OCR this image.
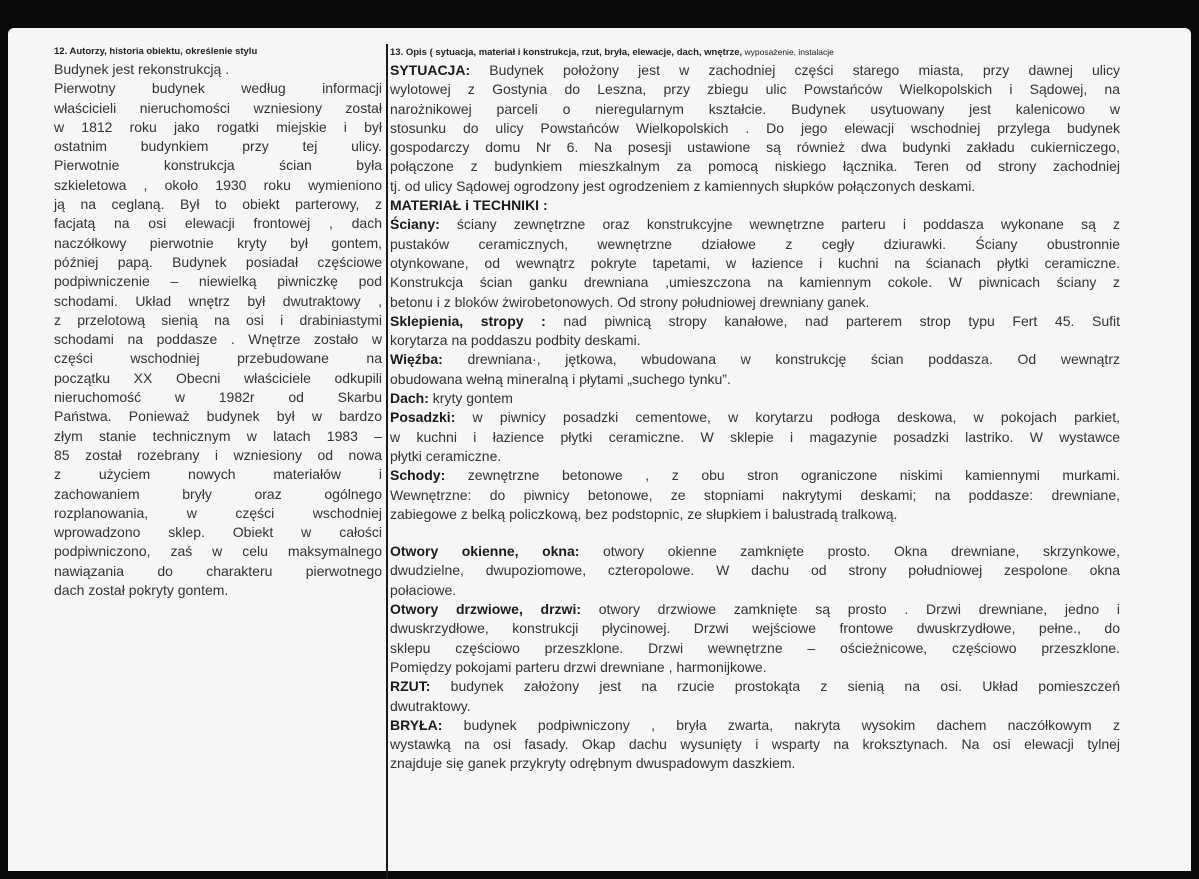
12. Autorzy, historia obiektu, określenie stylu

Budynek jest rekonstrukcją .

Pierwotny budynek według informacji

właścicieli nieruchomości wzniesiony został

w 1812 roku jako rogatki miejskie i był

ostatnim budynkiem przy tej ulicy.

Pierwotnie konstrukcja ścian była

szkieletowa , około 1930 roku wymieniono

ją na ceglaną. Był to obiekt parterowy, z

facjatą na osi elewacji frontowej , dach

naczółkowy pierwotnie kryty był gontem,

później papą. Budynek posiadał częściowe

podpiwniczenie – niewielką piwniczkę pod

schodami. Układ wnętrz był dwutraktowy ,

z przelotową sienią na osi i drabiniastymi

schodami na poddasze . Wnętrze zostało w

części wschodniej przebudowane na

początku XX Obecni właściciele odkupili

nieruchomość w 1982r od Skarbu

Państwa. Ponieważ budynek był w bardzo

złym stanie technicznym w latach 1983 –

85 został rozebrany i wzniesiony od nowa

z użyciem nowych materiałów i

zachowaniem bryły oraz ogólnego

rozplanowania, w części wschodniej

wprowadzono sklep. Obiekt w całości

podpiwniczono, zaś w celu maksymalnego

nawiązania do charakteru pierwotnego

dach został pokryty gontem.

13. Opis ( sytuacja, materiał i konstrukcja, rzut, bryła, elewacje, dach, wnętrze, wyposażenie, instalacje

SYTUACJA: Budynek położony jest w zachodniej części starego miasta, przy dawnej ulicy

wylotowej z Gostynia do Leszna, przy zbiegu ulic Powstańców Wielkopolskich i Sądowej, na

narożnikowej parceli o nieregularnym kształcie. Budynek usytuowany jest kalenicowo w

stosunku do ulicy Powstańców Wielkopolskich . Do jego elewacji wschodniej przylega budynek

gospodarczy domu Nr 6. Na posesji ustawione są również dwa budynki zakładu cukierniczego,

połączone z budynkiem mieszkalnym za pomocą niskiego łącznika. Teren od strony zachodniej

tj. od ulicy Sądowej ogrodzony jest ogrodzeniem z kamiennych słupków połączonych deskami.

MATERIAŁ i TECHNIKI :

Ściany: ściany zewnętrzne oraz konstrukcyjne wewnętrzne parteru i poddasza wykonane są z

pustaków ceramicznych, wewnętrzne działowe z cegły dziurawki. Ściany obustronnie

otynkowane, od wewnątrz pokryte tapetami, w łazience i kuchni na ścianach płytki ceramiczne.

Konstrukcja ścian ganku drewniana ,umieszczona na kamiennym cokole. W piwnicach ściany z

betonu i z bloków żwirobetonowych. Od strony południowej drewniany ganek.

Sklepienia, stropy : nad piwnicą stropy kanałowe, nad parterem strop typu Fert 45. Sufit

korytarza na poddaszu podbity deskami.

Więźba: drewniana·, jętkowa, wbudowana w konstrukcję ścian poddasza. Od wewnątrz

obudowana wełną mineralną i płytami „suchego tynku”.

Dach: kryty gontem

Posadzki: w piwnicy posadzki cementowe, w korytarzu podłoga deskowa, w pokojach parkiet,

w kuchni i łazience płytki ceramiczne. W sklepie i magazynie posadzki lastriko. W wystawce

płytki ceramiczne.

Schody: zewnętrzne betonowe , z obu stron ograniczone niskimi kamiennymi murkami.

Wewnętrzne: do piwnicy betonowe, ze stopniami nakrytymi deskami; na poddasze: drewniane,

zabiegowe z belką policzkową, bez podstopnic, ze słupkiem i balustradą tralkową.

Otwory okienne, okna: otwory okienne zamknięte prosto. Okna drewniane, skrzynkowe,

dwudzielne, dwupoziomowe, czteropolowe. W dachu od strony południowej zespolone okna

połaciowe.

Otwory drzwiowe, drzwi: otwory drzwiowe zamknięte są prosto . Drzwi drewniane, jedno i

dwuskrzydłowe, konstrukcji płycinowej. Drzwi wejściowe frontowe dwuskrzydłowe, pełne., do

sklepu częściowo przeszklone. Drzwi wewnętrzne – ościeżnicowe, częściowo przeszklone.

Pomiędzy pokojami parteru drzwi drewniane , harmonijkowe.

RZUT: budynek założony jest na rzucie prostokąta z sienią na osi. Układ pomieszczeń

dwutraktowy.

BRYŁA: budynek podpiwniczony , bryła zwarta, nakryta wysokim dachem naczółkowym z

wystawką na osi fasady. Okap dachu wysunięty i wsparty na kroksztynach. Na osi elewacji tylnej

znajduje się ganek przykryty odrębnym dwuspadowym daszkiem.
